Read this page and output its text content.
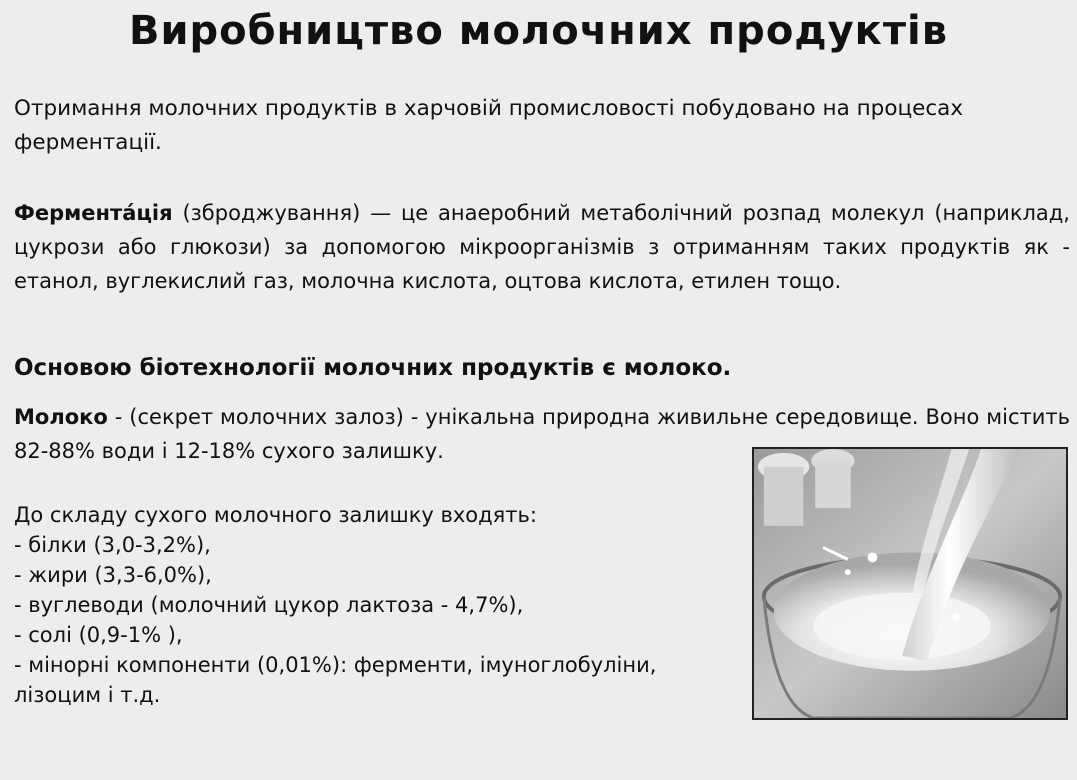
Виробництво молочних продуктів
Отримання молочних продуктів в харчовій промисловості побудовано на процесах ферментації.
Фермента́ція (зброджування) — це анаеробний метаболічний розпад молекул (наприклад, цукрози або глюкози) за допомогою мікроорганізмів з отриманням таких продуктів як - етанол, вуглекислий газ, молочна кислота, оцтова кислота, етилен тощо.
Основою біотехнології молочних продуктів є молоко.
Молоко - (секрет молочних залоз) - унікальна природна живильне середовище. Воно містить 82-88% води і 12-18% сухого залишку.
До складу сухого молочного залишку входять:
- білки (3,0-3,2%),
- жири (3,3-6,0%),
- вуглеводи (молочний цукор лактоза - 4,7%),
- солі (0,9-1% ),
- мінорні компоненти (0,01%): ферменти, імуноглобуліни,
лізоцим і т.д.
